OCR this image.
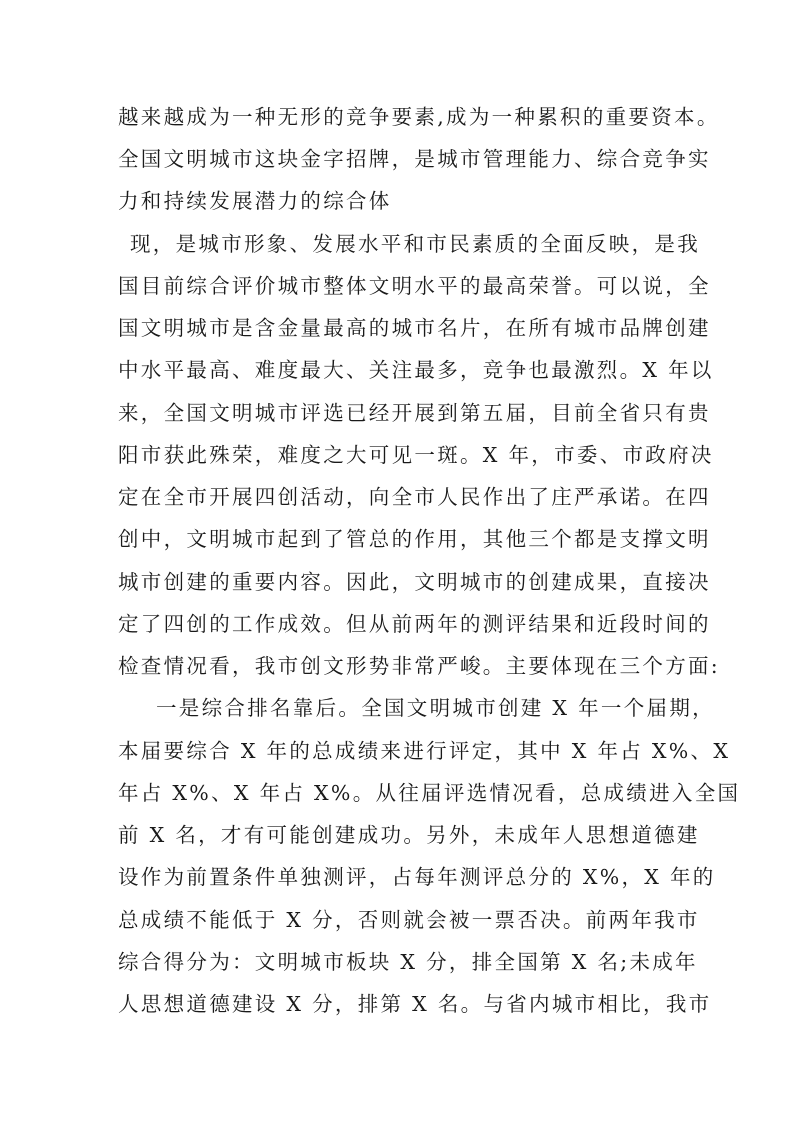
越来越成为一种无形的竞争要素,成为一种累积的重要资本。
全国文明城市这块金字招牌，是城市管理能力、综合竞争实
力和持续发展潜力的综合体
现，是城市形象、发展水平和市民素质的全面反映，是我
国目前综合评价城市整体文明水平的最高荣誉。可以说，全
国文明城市是含金量最高的城市名片，在所有城市品牌创建
中水平最高、难度最大、关注最多，竞争也最激烈。X 年以
来，全国文明城市评选已经开展到第五届，目前全省只有贵
阳市获此殊荣，难度之大可见一斑。X 年，市委、市政府决
定在全市开展四创活动，向全市人民作出了庄严承诺。在四
创中，文明城市起到了管总的作用，其他三个都是支撑文明
城市创建的重要内容。因此，文明城市的创建成果，直接决
定了四创的工作成效。但从前两年的测评结果和近段时间的
检查情况看，我市创文形势非常严峻。主要体现在三个方面:
一是综合排名靠后。全国文明城市创建 X 年一个届期，
本届要综合 X 年的总成绩来进行评定，其中 X 年占 X%、X
年占 X%、X 年占 X%。从往届评选情况看，总成绩进入全国
前 X 名，才有可能创建成功。另外，未成年人思想道德建
设作为前置条件单独测评，占每年测评总分的 X%，X 年的
总成绩不能低于 X 分，否则就会被一票否决。前两年我市
综合得分为：文明城市板块 X 分，排全国第 X 名;未成年
人思想道德建设 X 分，排第 X 名。与省内城市相比，我市
